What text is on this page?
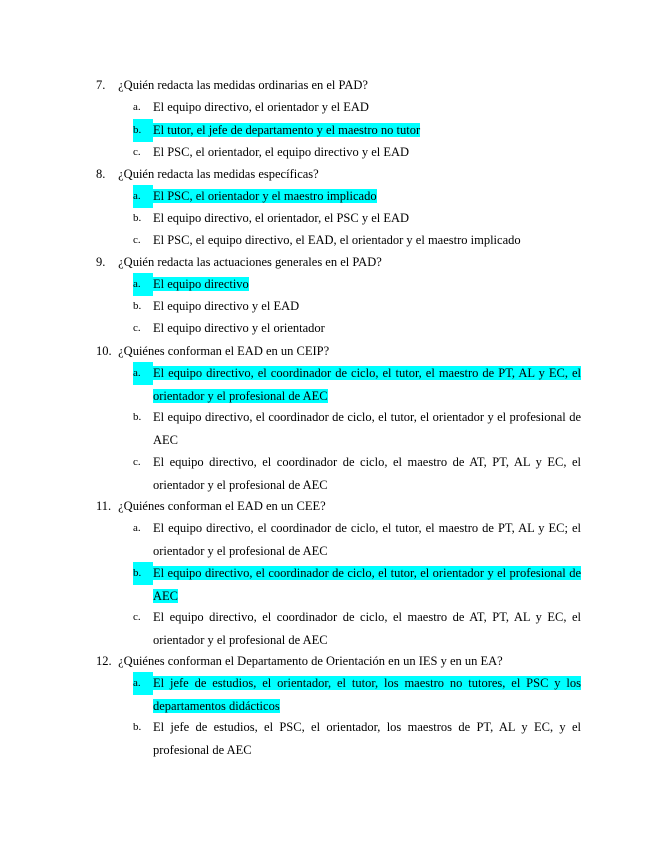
7. ¿Quién redacta las medidas ordinarias en el PAD?
a. El equipo directivo, el orientador y el EAD
b. El tutor, el jefe de departamento y el maestro no tutor
c. El PSC, el orientador, el equipo directivo y el EAD
8. ¿Quién redacta las medidas específicas?
a. El PSC, el orientador y el maestro implicado
b. El equipo directivo, el orientador, el PSC y el EAD
c. El PSC, el equipo directivo, el EAD, el orientador y el maestro implicado
9. ¿Quién redacta las actuaciones generales en el PAD?
a. El equipo directivo
b. El equipo directivo y el EAD
c. El equipo directivo y el orientador
10. ¿Quiénes conforman el EAD en un CEIP?
a. El equipo directivo, el coordinador de ciclo, el tutor, el maestro de PT, AL y EC, el orientador y el profesional de AEC
b. El equipo directivo, el coordinador de ciclo, el tutor, el orientador y el profesional de AEC
c. El equipo directivo, el coordinador de ciclo, el maestro de AT, PT, AL y EC, el orientador y el profesional de AEC
11. ¿Quiénes conforman el EAD en un CEE?
a. El equipo directivo, el coordinador de ciclo, el tutor, el maestro de PT, AL y EC; el orientador y el profesional de AEC
b. El equipo directivo, el coordinador de ciclo, el tutor, el orientador y el profesional de AEC
c. El equipo directivo, el coordinador de ciclo, el maestro de AT, PT, AL y EC, el orientador y el profesional de AEC
12. ¿Quiénes conforman el Departamento de Orientación en un IES y en un EA?
a. El jefe de estudios, el orientador, el tutor, los maestro no tutores, el PSC y los departamentos didácticos
b. El jefe de estudios, el PSC, el orientador, los maestros de PT, AL y EC, y el profesional de AEC
